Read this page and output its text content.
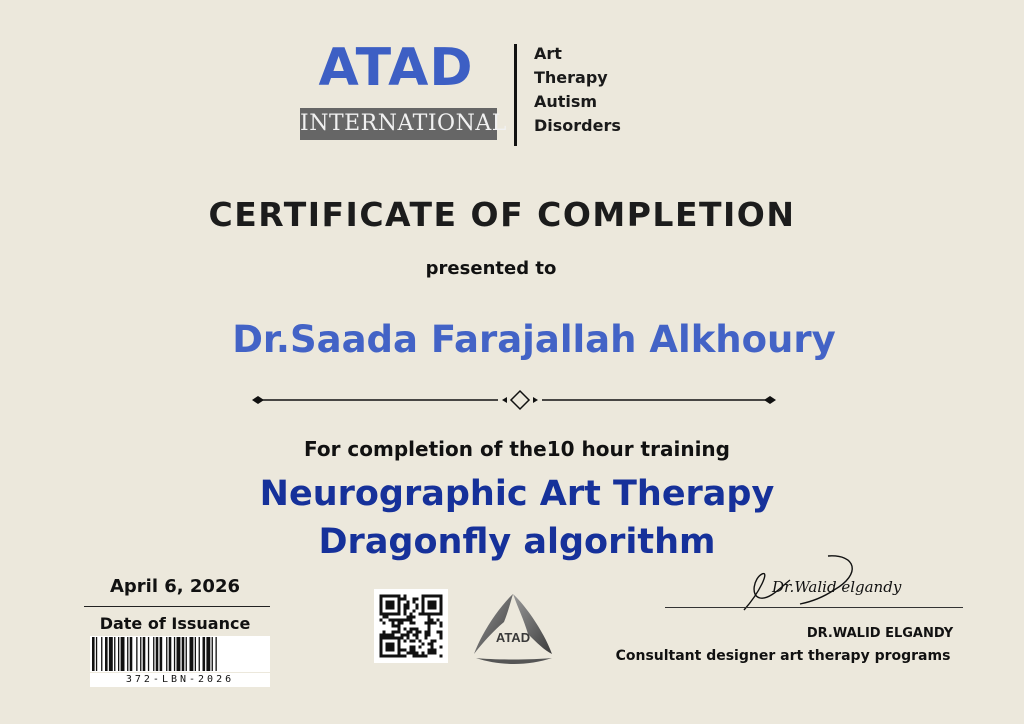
ATAD
INTERNATIONAL
Art
Therapy
Autism
Disorders
CERTIFICATE OF COMPLETION
presented to
Dr.Saada Farajallah Alkhoury
For completion of the10 hour training
Neurographic Art Therapy
Dragonfly algorithm
April 6, 2026
Date of Issuance
372-LBN-2026
ATAD
Dr.Walid elgandy
DR.WALID ELGANDY
Consultant designer art therapy programs
